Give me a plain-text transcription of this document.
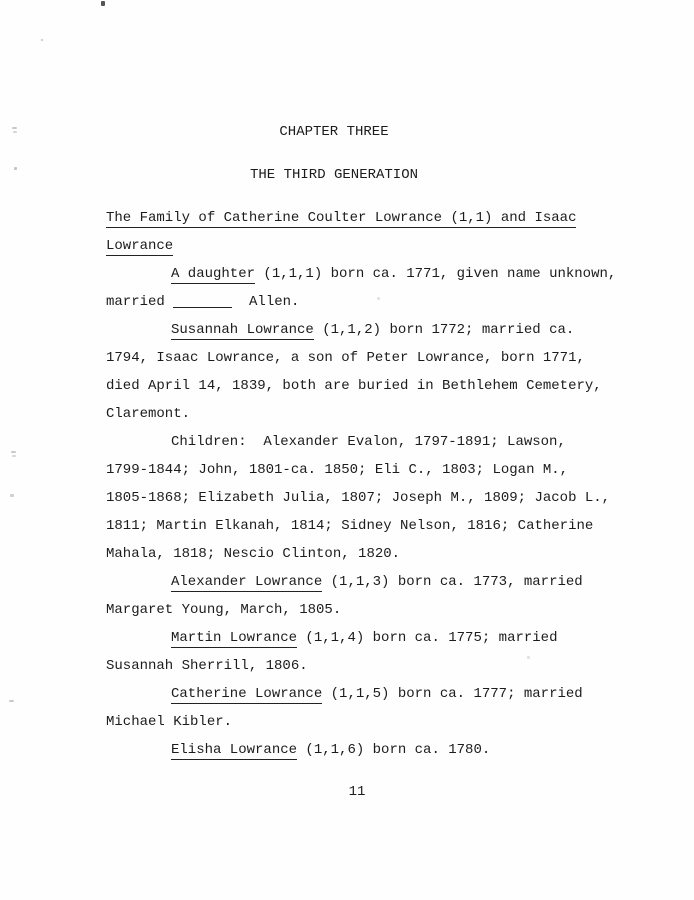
CHAPTER THREE
THE THIRD GENERATION
The Family of Catherine Coulter Lowrance (1,1) and Isaac
Lowrance
A daughter (1,1,1) born ca. 1771, given name unknown,
married	Allen.
Susannah Lowrance (1,1,2) born 1772; married ca.
1794, Isaac Lowrance, a son of Peter Lowrance, born 1771,
died April 14, 1839, both are buried in Bethlehem Cemetery,
Claremont.
Children:  Alexander Evalon, 1797-1891; Lawson,
1799-1844; John, 1801-ca. 1850; Eli C., 1803; Logan M.,
1805-1868; Elizabeth Julia, 1807; Joseph M., 1809; Jacob L.,
1811; Martin Elkanah, 1814; Sidney Nelson, 1816; Catherine
Mahala, 1818; Nescio Clinton, 1820.
Alexander Lowrance (1,1,3) born ca. 1773, married
Margaret Young, March, 1805.
Martin Lowrance (1,1,4) born ca. 1775; married
Susannah Sherrill, 1806.
Catherine Lowrance (1,1,5) born ca. 1777; married
Michael Kibler.
Elisha Lowrance (1,1,6) born ca. 1780.
11
